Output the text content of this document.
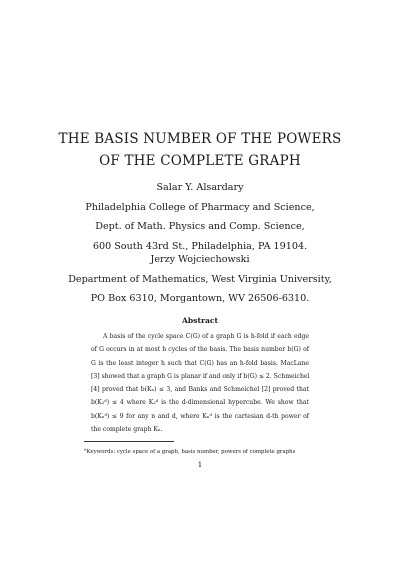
THE BASIS NUMBER OF THE POWERS
OF THE COMPLETE GRAPH
Salar Y. Alsardary
Philadelphia College of Pharmacy and Science,
Dept. of Math. Physics and Comp. Science,
600 South 43rd St., Philadelphia, PA 19104.
Jerzy Wojciechowski
Department of Mathematics, West Virginia University,
PO Box 6310, Morgantown, WV 26506-6310.
Abstract
A basis of the cycle space C(G) of a graph G is h-fold if each edge
of G occurs in at most h cycles of the basis. The basis number b(G) of
G is the least integer h such that C(G) has an h-fold basis. MacLane
[3] showed that a graph G is planar if and only if b(G) ≤ 2. Schmeichel
[4] proved that b(Kₙ) ≤ 3, and Banks and Schmeichel [2] proved that
b(K₂ᵈ) ≤ 4 where K₂ᵈ is the d-dimensional hypercube. We show that
b(Kₙᵈ) ≤ 9 for any n and d, where Kₙᵈ is the cartesian d-th power of
the complete graph Kₙ.
$^0$Keywords: cycle space of a graph, basis number, powers of complete graphs
1
